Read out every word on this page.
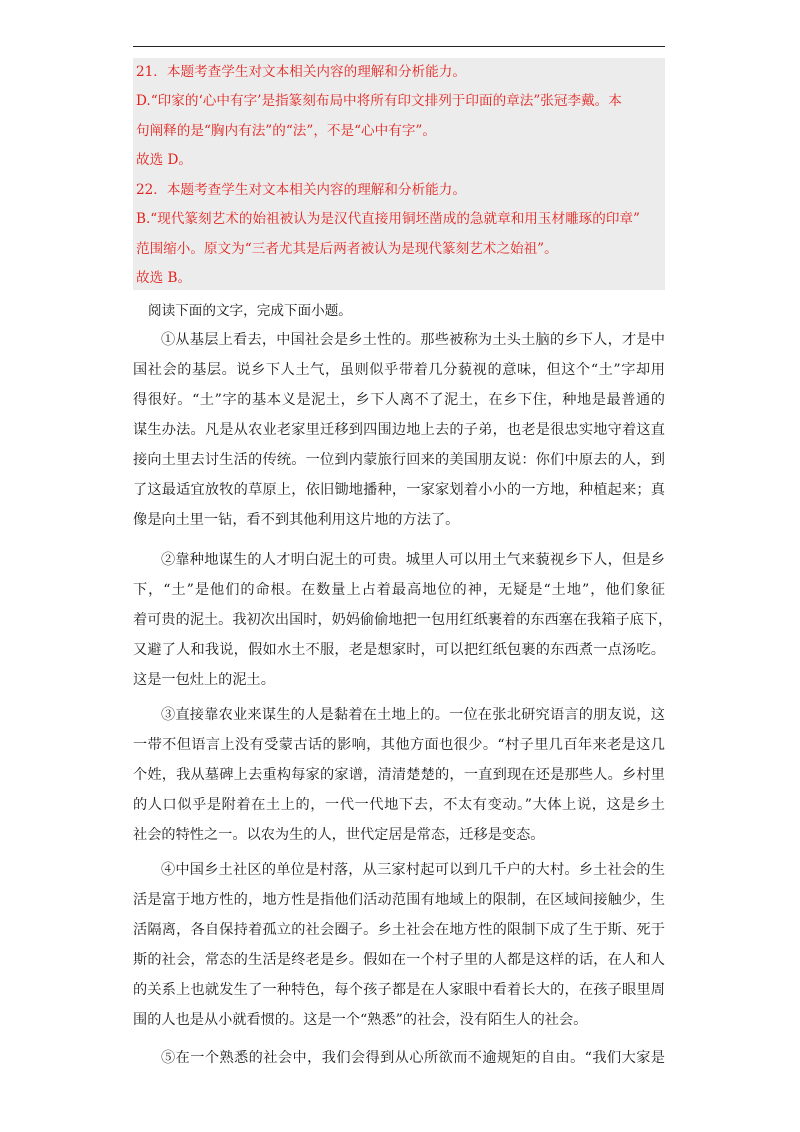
21．本题考查学生对文本相关内容的理解和分析能力。
D.“印家的‘心中有字’是指篆刻布局中将所有印文排列于印面的章法”张冠李戴。本
句阐释的是“胸内有法”的“法”，不是“心中有字”。
故选 D。
22．本题考查学生对文本相关内容的理解和分析能力。
B.“现代篆刻艺术的始祖被认为是汉代直接用铜坯凿成的急就章和用玉材雕琢的印章”
范围缩小。原文为“三者尤其是后两者被认为是现代篆刻艺术之始祖”。
故选 B。
阅读下面的文字，完成下面小题。
①从基层上看去，中国社会是乡土性的。那些被称为土头土脑的乡下人，才是中
国社会的基层。说乡下人土气，虽则似乎带着几分藐视的意味，但这个“土”字却用
得很好。“土”字的基本义是泥土，乡下人离不了泥土，在乡下住，种地是最普通的
谋生办法。凡是从农业老家里迁移到四围边地上去的子弟，也老是很忠实地守着这直
接向土里去讨生活的传统。一位到内蒙旅行回来的美国朋友说：你们中原去的人，到
了这最适宜放牧的草原上，依旧锄地播种，一家家划着小小的一方地，种植起来；真
像是向土里一钻，看不到其他利用这片地的方法了。
②靠种地谋生的人才明白泥土的可贵。城里人可以用土气来藐视乡下人，但是乡
下，“土”是他们的命根。在数量上占着最高地位的神，无疑是“土地”，他们象征
着可贵的泥土。我初次出国时，奶妈偷偷地把一包用红纸裹着的东西塞在我箱子底下，
又避了人和我说，假如水土不服，老是想家时，可以把红纸包裹的东西煮一点汤吃。
这是一包灶上的泥土。
③直接靠农业来谋生的人是黏着在土地上的。一位在张北研究语言的朋友说，这
一带不但语言上没有受蒙古话的影响，其他方面也很少。“村子里几百年来老是这几
个姓，我从墓碑上去重构每家的家谱，清清楚楚的，一直到现在还是那些人。乡村里
的人口似乎是附着在土上的，一代一代地下去，不太有变动。”大体上说，这是乡土
社会的特性之一。以农为生的人，世代定居是常态，迁移是变态。
④中国乡土社区的单位是村落，从三家村起可以到几千户的大村。乡土社会的生
活是富于地方性的，地方性是指他们活动范围有地域上的限制，在区域间接触少，生
活隔离，各自保持着孤立的社会圈子。乡土社会在地方性的限制下成了生于斯、死于
斯的社会，常态的生活是终老是乡。假如在一个村子里的人都是这样的话，在人和人
的关系上也就发生了一种特色，每个孩子都是在人家眼中看着长大的，在孩子眼里周
围的人也是从小就看惯的。这是一个“熟悉”的社会，没有陌生人的社会。
⑤在一个熟悉的社会中，我们会得到从心所欲而不逾规矩的自由。“我们大家是
